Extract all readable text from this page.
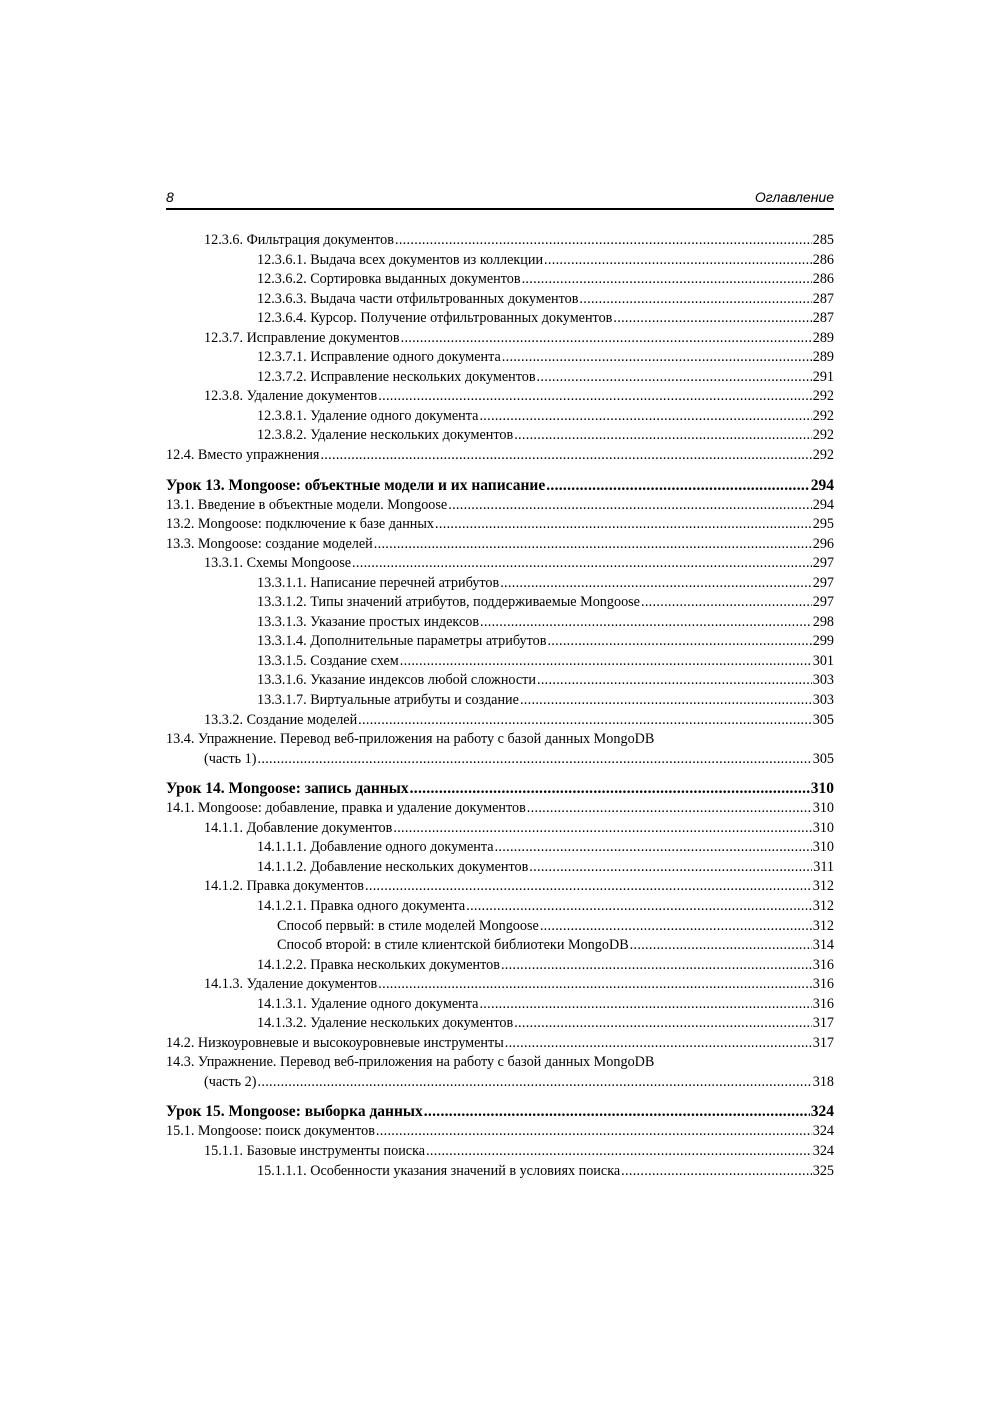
8	Оглавление
12.3.6. Фильтрация документов .....	285
12.3.6.1. Выдача всех документов из коллекции .....	286
12.3.6.2. Сортировка выданных документов .....	286
12.3.6.3. Выдача части отфильтрованных документов .....	287
12.3.6.4. Курсор. Получение отфильтрованных документов .....	287
12.3.7. Исправление документов .....	289
12.3.7.1. Исправление одного документа .....	289
12.3.7.2. Исправление нескольких документов .....	291
12.3.8. Удаление документов .....	292
12.3.8.1. Удаление одного документа .....	292
12.3.8.2. Удаление нескольких документов .....	292
12.4. Вместо упражнения .....	292
Урок 13. Mongoose: объектные модели и их написание .....	294
13.1. Введение в объектные модели. Mongoose .....	294
13.2. Mongoose: подключение к базе данных .....	295
13.3. Mongoose: создание моделей .....	296
13.3.1. Схемы Mongoose .....	297
13.3.1.1. Написание перечней атрибутов .....	297
13.3.1.2. Типы значений атрибутов, поддерживаемые Mongoose .....	297
13.3.1.3. Указание простых индексов .....	298
13.3.1.4. Дополнительные параметры атрибутов .....	299
13.3.1.5. Создание схем .....	301
13.3.1.6. Указание индексов любой сложности .....	303
13.3.1.7. Виртуальные атрибуты и создание .....	303
13.3.2. Создание моделей .....	305
13.4. Упражнение. Перевод веб-приложения на работу с базой данных MongoDB
(часть 1) .....	305
Урок 14. Mongoose: запись данных .....	310
14.1. Mongoose: добавление, правка и удаление документов .....	310
14.1.1. Добавление документов .....	310
14.1.1.1. Добавление одного документа .....	310
14.1.1.2. Добавление нескольких документов .....	311
14.1.2. Правка документов .....	312
14.1.2.1. Правка одного документа .....	312
Способ первый: в стиле моделей Mongoose .....	312
Способ второй: в стиле клиентской библиотеки MongoDB .....	314
14.1.2.2. Правка нескольких документов .....	316
14.1.3. Удаление документов .....	316
14.1.3.1. Удаление одного документа .....	316
14.1.3.2. Удаление нескольких документов .....	317
14.2. Низкоуровневые и высокоуровневые инструменты .....	317
14.3. Упражнение. Перевод веб-приложения на работу с базой данных MongoDB
(часть 2) .....	318
Урок 15. Mongoose: выборка данных .....	324
15.1. Mongoose: поиск документов .....	324
15.1.1. Базовые инструменты поиска .....	324
15.1.1.1. Особенности указания значений в условиях поиска .....	325
